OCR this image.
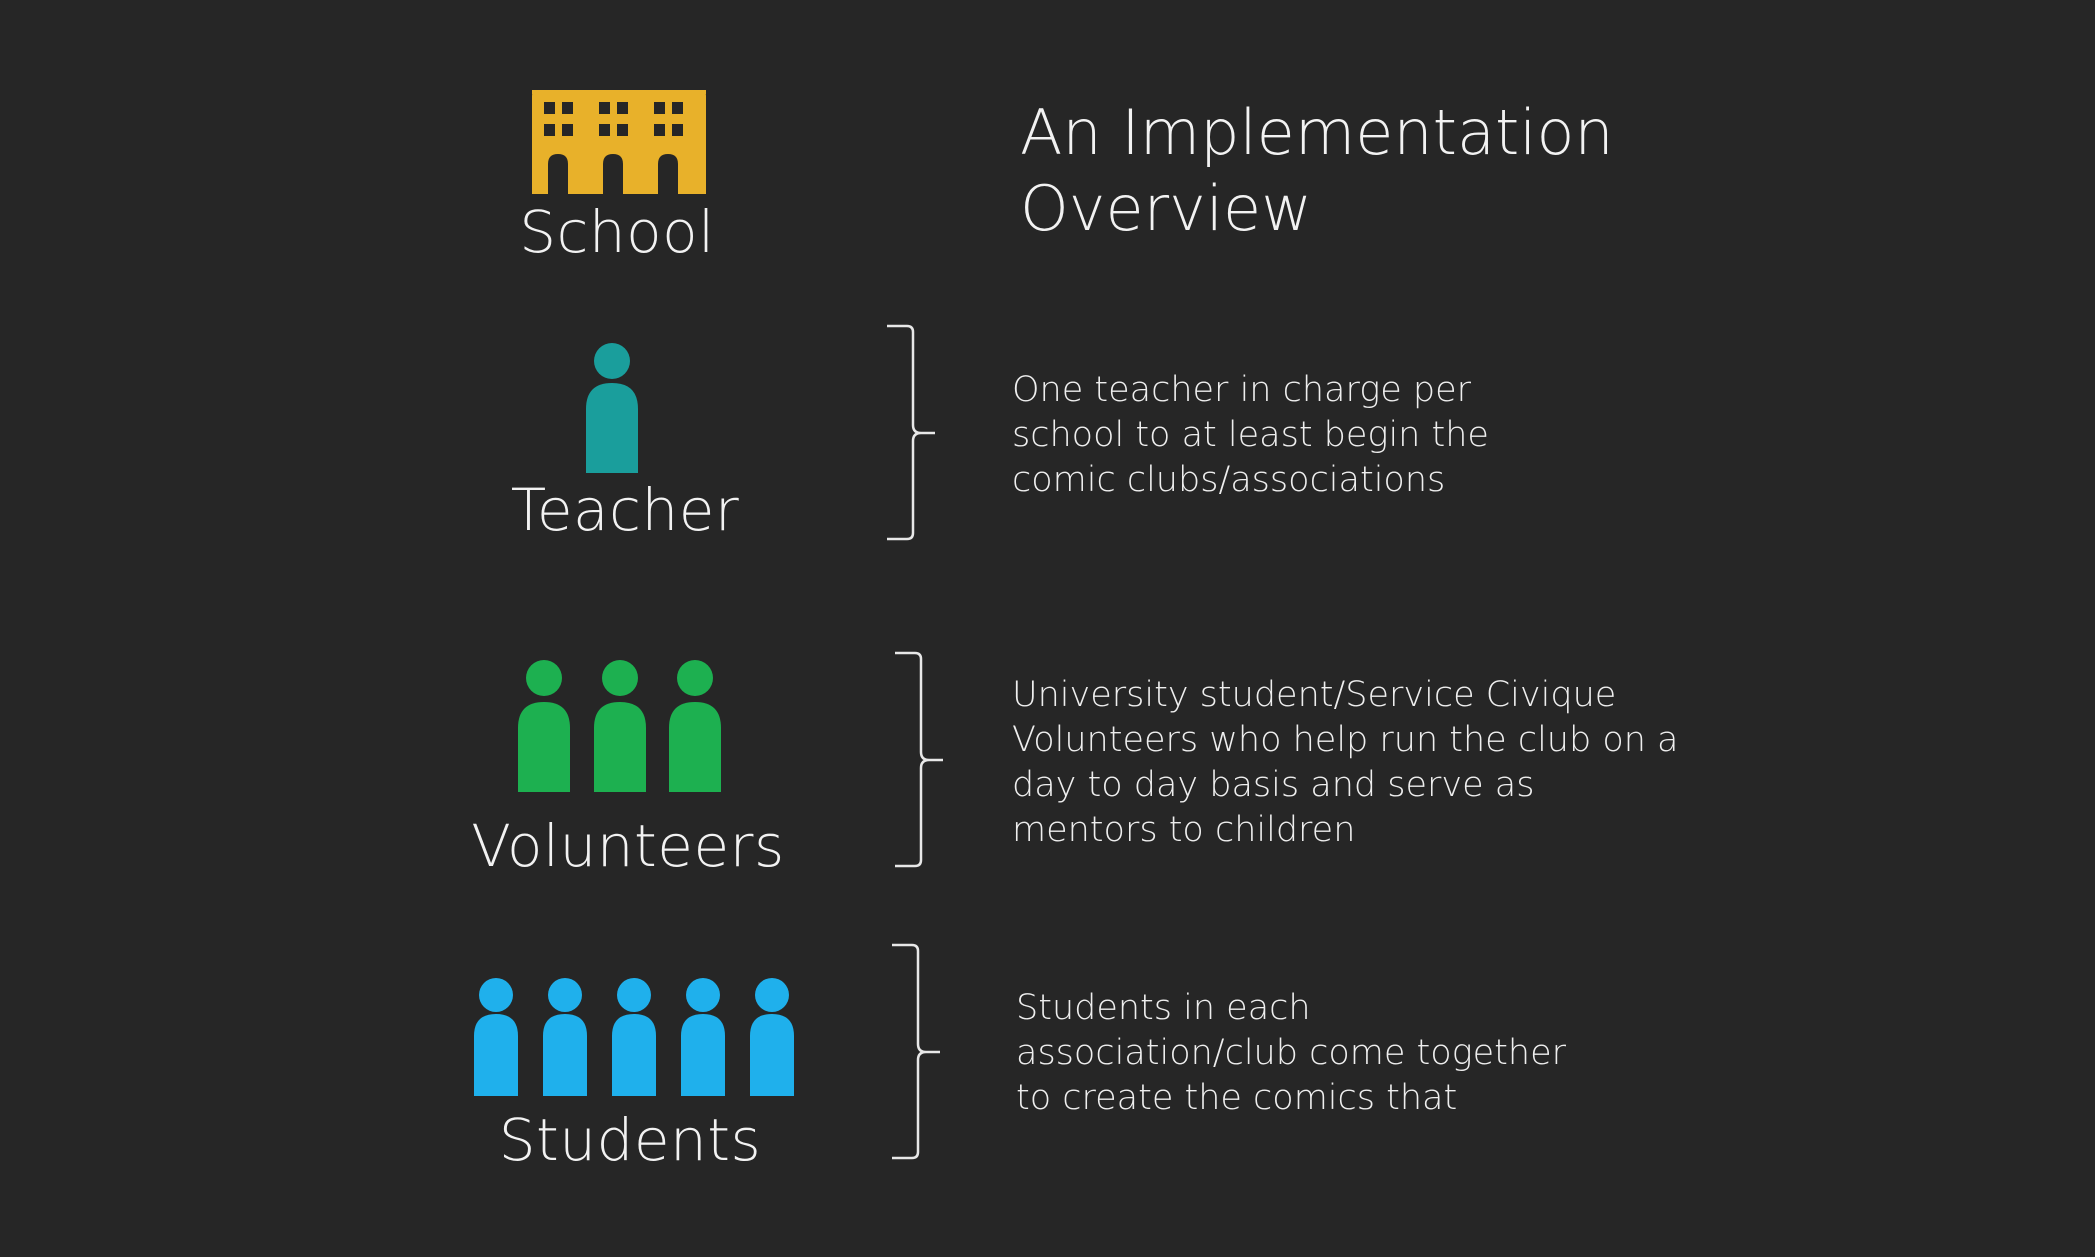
An Implementation
Overview
School
Teacher
One teacher in charge per
school to at least begin the
comic clubs/associations
Volunteers
University student/Service Civique
Volunteers who help run the club on a
day to day basis and serve as
mentors to children
Students
Students in each
association/club come together
to create the comics that
